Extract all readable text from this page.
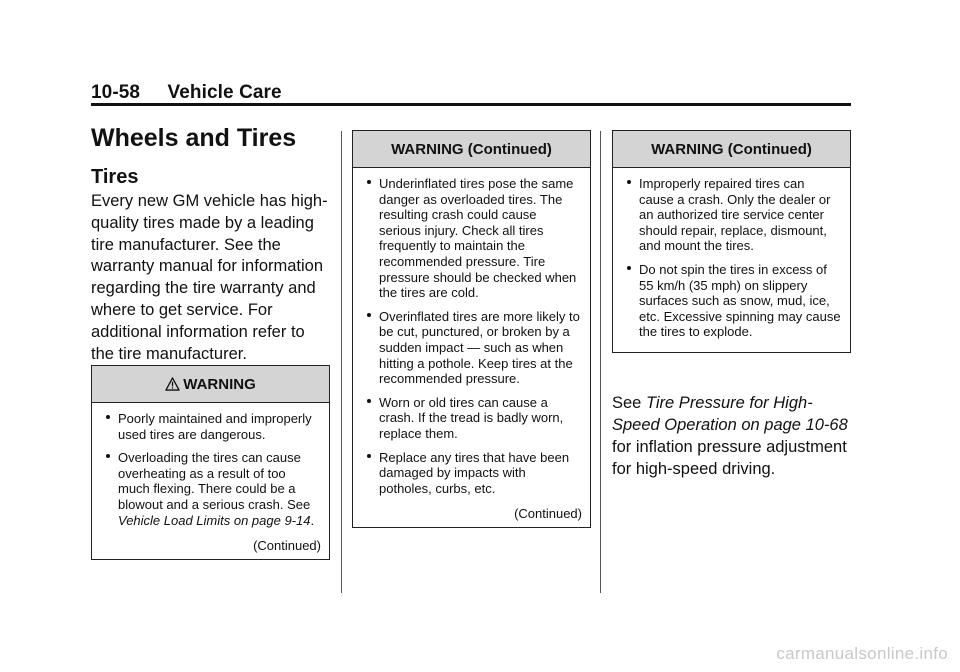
10-58 Vehicle Care
Wheels and Tires
Tires

Every new GM vehicle has high-quality tires made by a leading tire manufacturer. See the warranty manual for information regarding the tire warranty and where to get service. For additional information refer to the tire manufacturer.

WARNING
Poorly maintained and improperly used tires are dangerous.
Overloading the tires can cause overheating as a result of too much flexing. There could be a blowout and a serious crash. See Vehicle Load Limits on page 9-14.
(Continued)
WARNING (Continued)
Underinflated tires pose the same danger as overloaded tires. The resulting crash could cause serious injury. Check all tires frequently to maintain the recommended pressure. Tire pressure should be checked when the tires are cold.
Overinflated tires are more likely to be cut, punctured, or broken by a sudden impact — such as when hitting a pothole. Keep tires at the recommended pressure.
Worn or old tires can cause a crash. If the tread is badly worn, replace them.
Replace any tires that have been damaged by impacts with potholes, curbs, etc.
(Continued)
WARNING (Continued)
Improperly repaired tires can cause a crash. Only the dealer or an authorized tire service center should repair, replace, dismount, and mount the tires.
Do not spin the tires in excess of 55 km/h (35 mph) on slippery surfaces such as snow, mud, ice, etc. Excessive spinning may cause the tires to explode.

See Tire Pressure for High-Speed Operation on page 10-68 for inflation pressure adjustment for high-speed driving.

carmanualsonline.info
